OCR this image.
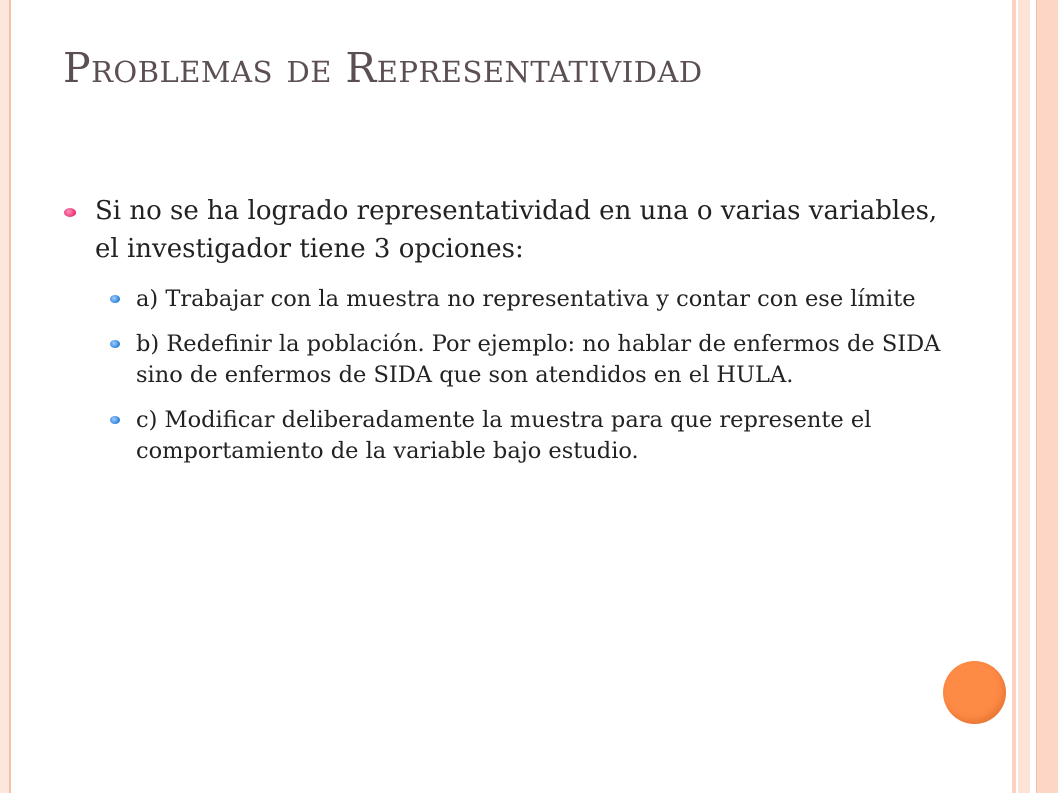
Problemas de Representatividad
Si no se ha logrado representatividad en una o varias variables, el investigador tiene 3 opciones:
a) Trabajar con la muestra no representativa y contar con ese límite
b) Redefinir la población. Por ejemplo: no hablar de enfermos de SIDA sino de enfermos de SIDA que son atendidos en el HULA.
c) Modificar deliberadamente la muestra para que represente el comportamiento de la variable bajo estudio.
